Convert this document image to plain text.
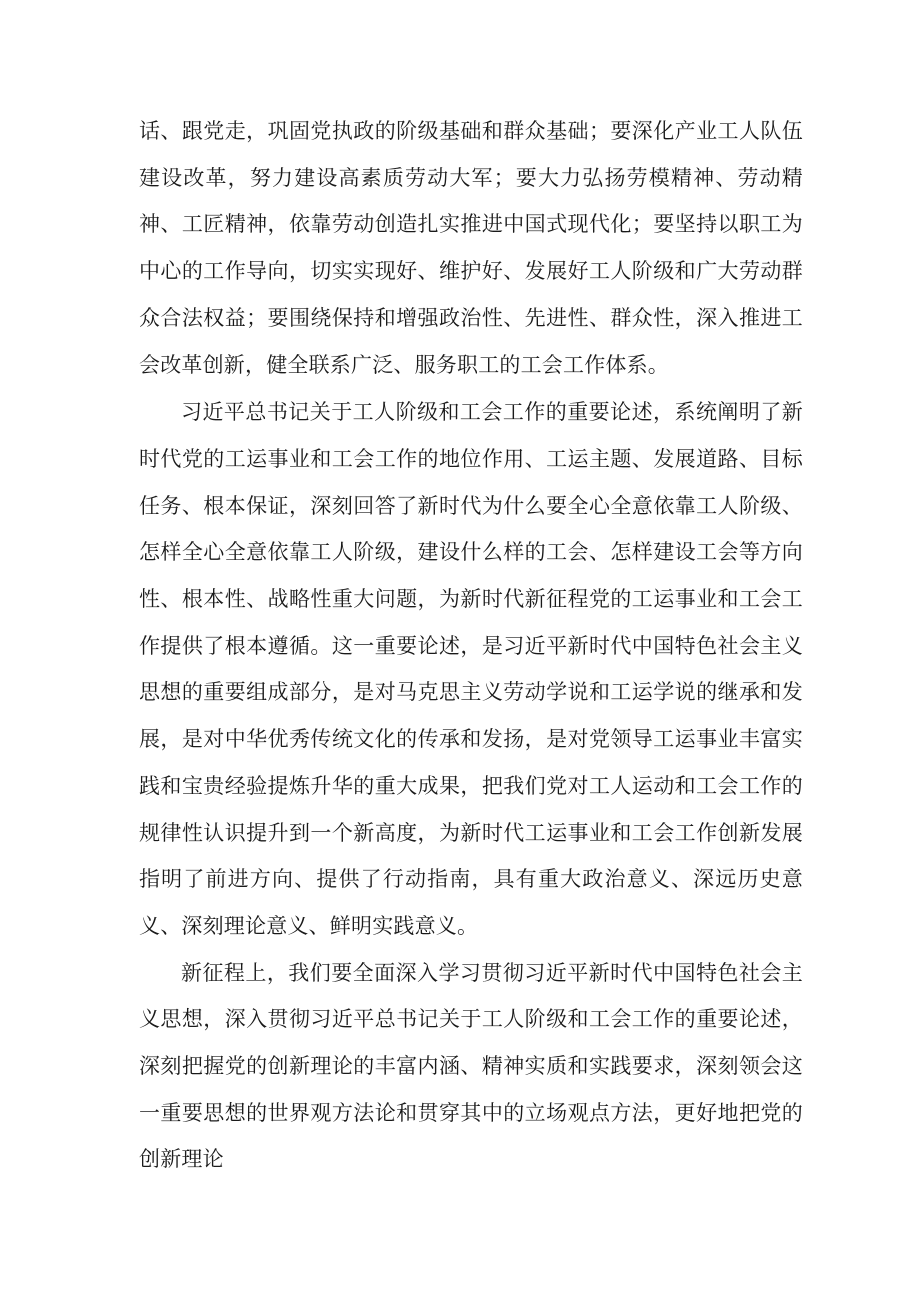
话、跟党走，巩固党执政的阶级基础和群众基础；要深化产业工人队伍建设改革，努力建设高素质劳动大军；要大力弘扬劳模精神、劳动精神、工匠精神，依靠劳动创造扎实推进中国式现代化；要坚持以职工为中心的工作导向，切实实现好、维护好、发展好工人阶级和广大劳动群众合法权益；要围绕保持和增强政治性、先进性、群众性，深入推进工会改革创新，健全联系广泛、服务职工的工会工作体系。

习近平总书记关于工人阶级和工会工作的重要论述，系统阐明了新时代党的工运事业和工会工作的地位作用、工运主题、发展道路、目标任务、根本保证，深刻回答了新时代为什么要全心全意依靠工人阶级、怎样全心全意依靠工人阶级，建设什么样的工会、怎样建设工会等方向性、根本性、战略性重大问题，为新时代新征程党的工运事业和工会工作提供了根本遵循。这一重要论述，是习近平新时代中国特色社会主义思想的重要组成部分，是对马克思主义劳动学说和工运学说的继承和发展，是对中华优秀传统文化的传承和发扬，是对党领导工运事业丰富实践和宝贵经验提炼升华的重大成果，把我们党对工人运动和工会工作的规律性认识提升到一个新高度，为新时代工运事业和工会工作创新发展指明了前进方向、提供了行动指南，具有重大政治意义、深远历史意义、深刻理论意义、鲜明实践意义。

新征程上，我们要全面深入学习贯彻习近平新时代中国特色社会主义思想，深入贯彻习近平总书记关于工人阶级和工会工作的重要论述，深刻把握党的创新理论的丰富内涵、精神实质和实践要求，深刻领会这一重要思想的世界观方法论和贯穿其中的立场观点方法，更好地把党的创新理论
